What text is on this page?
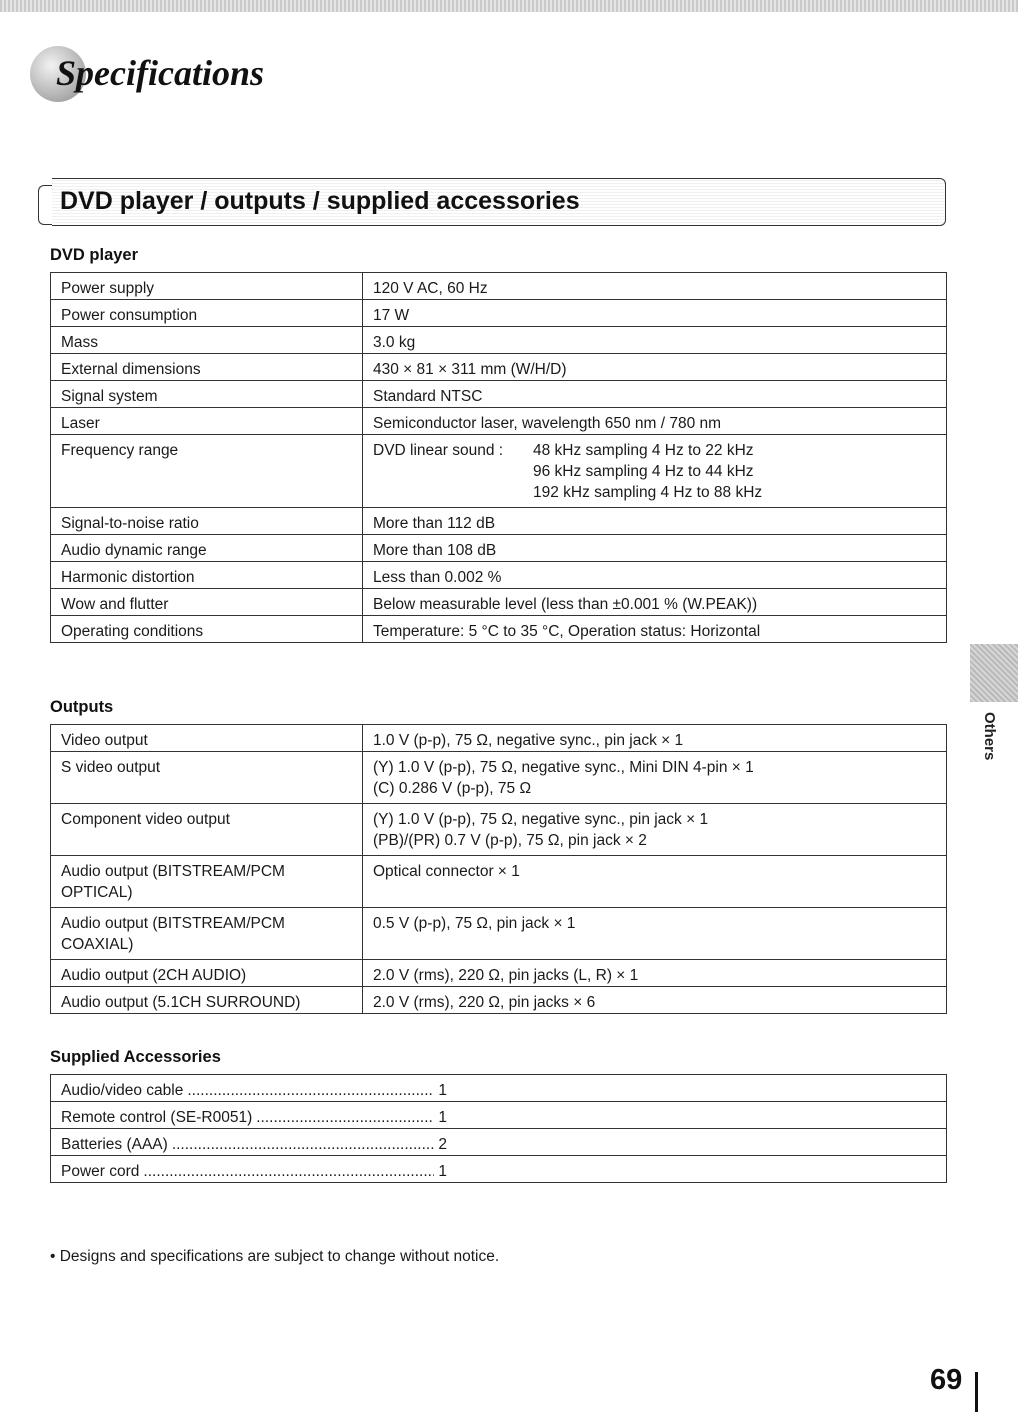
Specifications
DVD player / outputs / supplied accessories
DVD player
Power supply	120 V AC, 60 Hz
Power consumption	17 W
Mass	3.0 kg
External dimensions	430 × 81 × 311 mm (W/H/D)
Signal system	Standard NTSC
Laser	Semiconductor laser, wavelength 650 nm / 780 nm
Frequency range	DVD linear sound : 48 kHz sampling 4 Hz to 22 kHz
96 kHz sampling 4 Hz to 44 kHz
192 kHz sampling 4 Hz to 88 kHz

Signal-to-noise ratio	More than 112 dB
Audio dynamic range	More than 108 dB
Harmonic distortion	Less than 0.002 %
Wow and flutter	Below measurable level (less than ±0.001 % (W.PEAK))
Operating conditions	Temperature: 5 °C to 35 °C, Operation status: Horizontal
Outputs
Video output	1.0 V (p-p), 75 Ω, negative sync., pin jack × 1
S video output	(Y) 1.0 V (p-p), 75 Ω, negative sync., Mini DIN 4-pin × 1
(C) 0.286 V (p-p), 75 Ω

Component video output	(Y) 1.0 V (p-p), 75 Ω, negative sync., pin jack × 1
(PB)/(PR) 0.7 V (p-p), 75 Ω, pin jack × 2

Audio output (BITSTREAM/PCM OPTICAL)	Optical connector × 1
Audio output (BITSTREAM/PCM COAXIAL)	0.5 V (p-p), 75 Ω, pin jack × 1
Audio output (2CH AUDIO)	2.0 V (rms), 220 Ω, pin jacks (L, R) × 1
Audio output (5.1CH SURROUND)	2.0 V (rms), 220 Ω, pin jacks × 6
Supplied Accessories
Audio/video cable .....	1

Remote control (SE-R0051) .....	1

Batteries (AAA) .....	2

Power cord .....	1
• Designs and specifications are subject to change without notice.
Others
69
